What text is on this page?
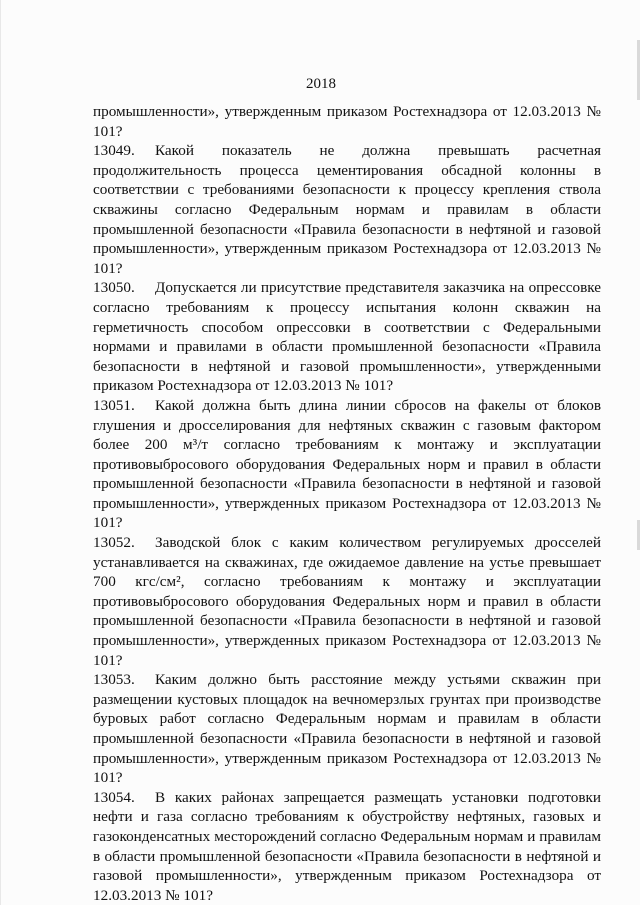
2018

промышленности», утвержденным приказом Ростехнадзора от 12.03.2013 № 101?

13049. Какой показатель не должна превышать расчетная продолжительность процесса цементирования обсадной колонны в соответствии с требованиями безопасности к процессу крепления ствола скважины согласно Федеральным нормам и правилам в области промышленной безопасности «Правила безопасности в нефтяной и газовой промышленности», утвержденным приказом Ростехнадзора от 12.03.2013 № 101?

13050. Допускается ли присутствие представителя заказчика на опрессовке согласно требованиям к процессу испытания колонн скважин на герметичность способом опрессовки в соответствии с Федеральными нормами и правилами в области промышленной безопасности «Правила безопасности в нефтяной и газовой промышленности», утвержденными приказом Ростехнадзора от 12.03.2013 № 101?

13051. Какой должна быть длина линии сбросов на факелы от блоков глушения и дросселирования для нефтяных скважин с газовым фактором более 200 м³/т согласно требованиям к монтажу и эксплуатации противовыбросового оборудования Федеральных норм и правил в области промышленной безопасности «Правила безопасности в нефтяной и газовой промышленности», утвержденных приказом Ростехнадзора от 12.03.2013 № 101?

13052. Заводской блок с каким количеством регулируемых дросселей устанавливается на скважинах, где ожидаемое давление на устье превышает 700 кгс/см², согласно требованиям к монтажу и эксплуатации противовыбросового оборудования Федеральных норм и правил в области промышленной безопасности «Правила безопасности в нефтяной и газовой промышленности», утвержденных приказом Ростехнадзора от 12.03.2013 № 101?

13053. Каким должно быть расстояние между устьями скважин при размещении кустовых площадок на вечномерзлых грунтах при производстве буровых работ согласно Федеральным нормам и правилам в области промышленной безопасности «Правила безопасности в нефтяной и газовой промышленности», утвержденным приказом Ростехнадзора от 12.03.2013 № 101?

13054. В каких районах запрещается размещать установки подготовки нефти и газа согласно требованиям к обустройству нефтяных, газовых и газоконденсатных месторождений согласно Федеральным нормам и правилам в области промышленной безопасности «Правила безопасности в нефтяной и газовой промышленности», утвержденным приказом Ростехнадзора от 12.03.2013 № 101?
